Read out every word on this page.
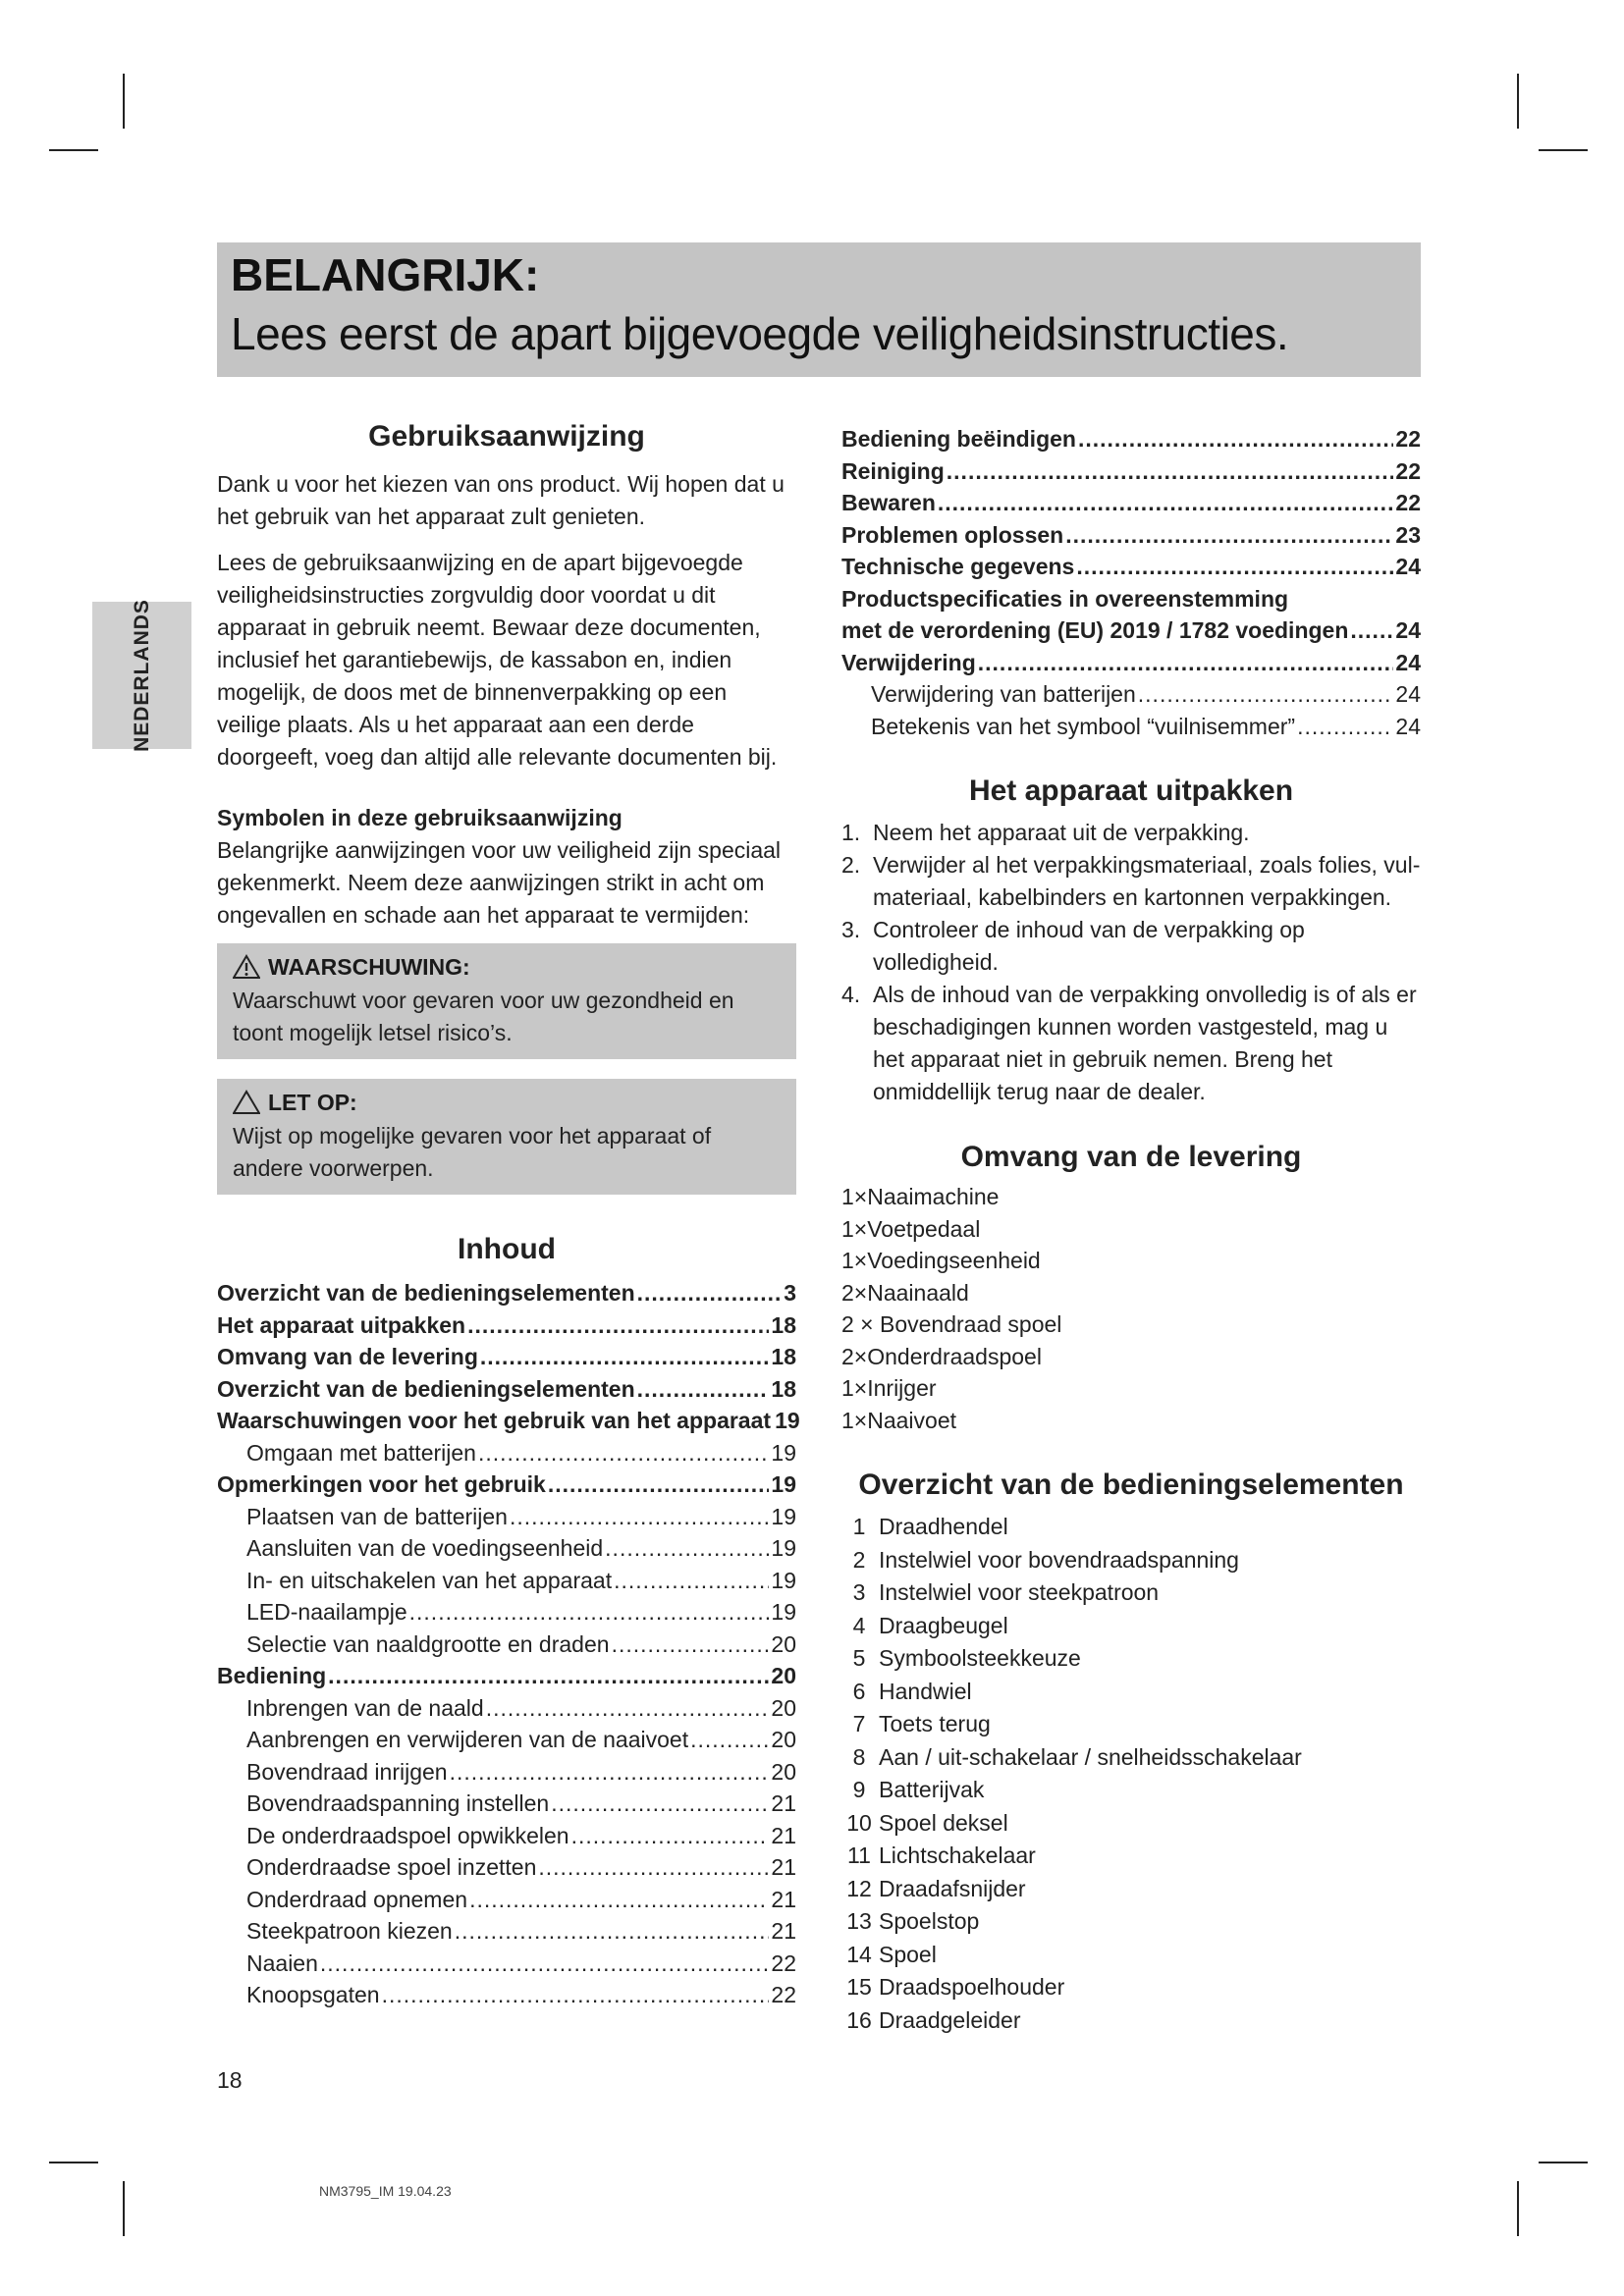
BELANGRIJK:
Lees eerst de apart bijgevoegde veiligheidsinstructies.
NEDERLANDS
Gebruiksaanwijzing

Dank u voor het kiezen van ons product. Wij hopen dat u het gebruik van het apparaat zult genieten.

Lees de gebruiksaanwijzing en de apart bijgevoegde veiligheidsinstructies zorgvuldig door voordat u dit apparaat in gebruik neemt. Bewaar deze documenten, inclusief het garantiebewijs, de kassabon en, indien mogelijk, de doos met de binnenverpakking op een veilige plaats. Als u het apparaat aan een derde doorgeeft, voeg dan altijd alle relevante documenten bij.

Symbolen in deze gebruiksaanwijzing

Belangrijke aanwijzingen voor uw veiligheid zijn speciaal gekenmerkt. Neem deze aanwijzingen strikt in acht om ongevallen en schade aan het apparaat te vermijden:

WAARSCHUWING:
Waarschuwt voor gevaren voor uw gezondheid en toont mogelijk letsel risico’s.
LET OP:
Wijst op mogelijke gevaren voor het apparaat of andere voorwerpen.
Inhoud
Overzicht van de bedieningselementen .....	3
Het apparaat uitpakken .....	18
Omvang van de levering .....	18
Overzicht van de bedieningselementen .....	18
Waarschuwingen voor het gebruik van het apparaat 19
Omgaan met batterijen .....	19
Opmerkingen voor het gebruik .....	19
Plaatsen van de batterijen .....	19
Aansluiten van de voedingseenheid .....	19
In- en uitschakelen van het apparaat .....	19
LED-naailampje .....	19
Selectie van naaldgrootte en draden .....	20
Bediening .....	20
Inbrengen van de naald .....	20
Aanbrengen en verwijderen van de naaivoet .....	20
Bovendraad inrijgen .....	20
Bovendraadspanning instellen .....	21
De onderdraadspoel opwikkelen .....	21
Onderdraadse spoel inzetten .....	21
Onderdraad opnemen .....	21
Steekpatroon kiezen .....	21
Naaien .....	22
Knoopsgaten .....	22
Bediening beëindigen .....	22
Reiniging .....	22
Bewaren .....	22
Problemen oplossen .....	23
Technische gegevens .....	24
Productspecificaties in overeenstemming
met de verordening (EU) 2019 / 1782 voedingen ..... 24
Verwijdering .....	24
Verwijdering van batterijen .....	24
Betekenis van het symbool “vuilnisemmer” .....	24
Het apparaat uitpakken
1. Neem het apparaat uit de verpakking.
2. Verwijder al het verpakkingsmateriaal, zoals folies, vul-materiaal, kabelbinders en kartonnen verpakkingen.
3. Controleer de inhoud van de verpakking op volledigheid.
4. Als de inhoud van de verpakking onvolledig is of als er beschadigingen kunnen worden vastgesteld, mag u het apparaat niet in gebruik nemen. Breng het onmiddellijk terug naar de dealer.
Omvang van de levering
1×Naaimachine
1×Voetpedaal
1×Voedingseenheid
2×Naainaald
2 × Bovendraad spoel
2×Onderdraadspoel
1×Inrijger
1×Naaivoet
Overzicht van de bedieningselementen
1 Draadhendel
2 Instelwiel voor bovendraadspanning
3 Instelwiel voor steekpatroon
4 Draagbeugel
5 Symboolsteekkeuze
6 Handwiel
7 Toets terug
8 Aan / uit-schakelaar / snelheidsschakelaar
9 Batterijvak
10 Spoel deksel
11 Lichtschakelaar
12 Draadafsnijder
13 Spoelstop
14 Spoel
15 Draadspoelhouder
16 Draadgeleider
18
NM3795_IM 19.04.23
